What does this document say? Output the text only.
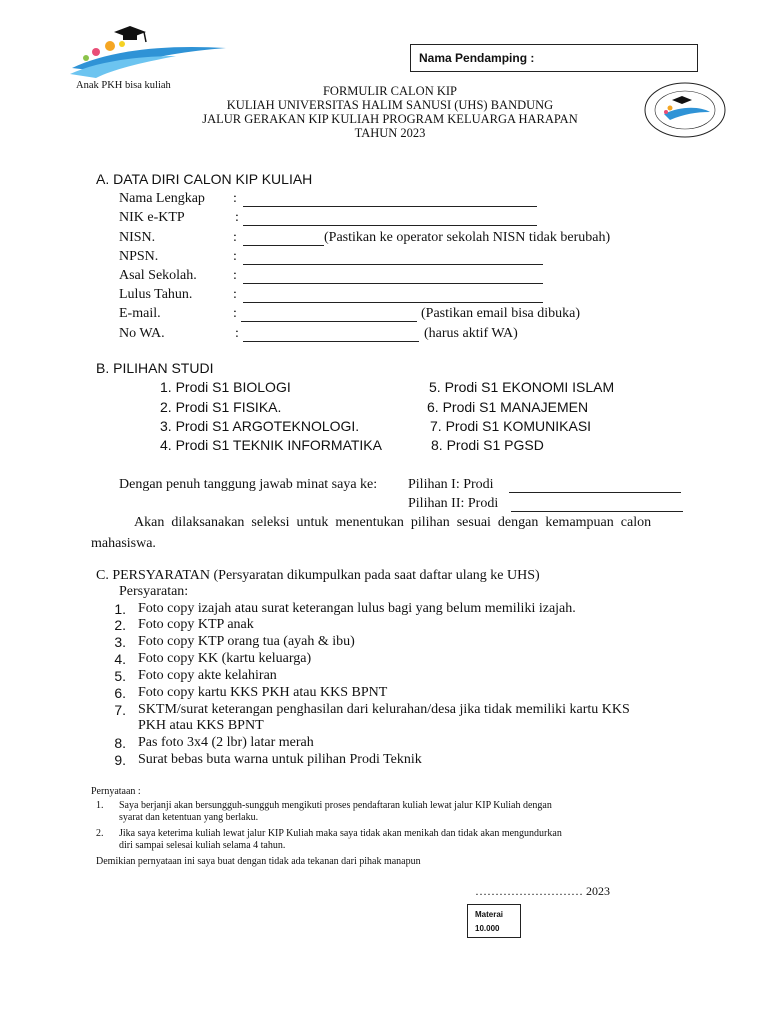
Anak PKH bisa kuliah
Nama Pendamping :
FORMULIR CALON KIP
KULIAH UNIVERSITAS HALIM SANUSI (UHS) BANDUNG
JALUR GERAKAN KIP KULIAH PROGRAM KELUARGA HARAPAN
TAHUN 2023
A. DATA DIRI CALON KIP KULIAH
Nama Lengkap :
NIK e-KTP	:
NISN.	:	(Pastikan ke operator sekolah NISN tidak berubah)
NPSN.	:
Asal Sekolah.	:
Lulus Tahun.	:
E-mail.	:	(Pastikan email bisa dibuka)
No WA.	:	(harus aktif WA)
B. PILIHAN STUDI
1. Prodi S1 BIOLOGI
2. Prodi S1 FISIKA.
3. Prodi S1 ARGOTEKNOLOGI.
4. Prodi S1 TEKNIK INFORMATIKA
5. Prodi S1 EKONOMI ISLAM
6. Prodi S1 MANAJEMEN
7. Prodi S1 KOMUNIKASI
8. Prodi S1 PGSD
Dengan penuh tanggung jawab minat saya ke: Pilihan I: Prodi
Pilihan II: Prodi
Akan  dilaksanakan  seleksi  untuk  menentukan  pilihan  sesuai  dengan  kemampuan  calon
mahasiswa.
C. PERSYARATAN (Persyaratan dikumpulkan pada saat daftar ulang ke UHS)
Persyaratan:
1. Foto copy izajah atau surat keterangan lulus bagi yang belum memiliki izajah.
2. Foto copy KTP anak
3. Foto copy KTP orang tua (ayah & ibu)
4. Foto copy KK (kartu keluarga)
5. Foto copy akte kelahiran
6. Foto copy kartu KKS PKH atau KKS BPNT
7. SKTM/surat keterangan penghasilan dari kelurahan/desa jika tidak memiliki kartu KKS
PKH atau KKS BPNT
8. Pas foto 3x4 (2 lbr) latar merah
9. Surat bebas buta warna untuk pilihan Prodi Teknik
Pernyataan :
1. Saya berjanji akan bersungguh-sungguh mengikuti proses pendaftaran kuliah lewat jalur KIP Kuliah dengan
syarat dan ketentuan yang berlaku.
2. Jika saya keterima kuliah lewat jalur KIP Kuliah maka saya tidak akan menikah dan tidak akan mengundurkan
diri sampai selesai kuliah selama 4 tahun.
Demikian pernyataan ini saya buat dengan tidak ada tekanan dari pihak manapun
……………………… 2023
Materai
10.000
